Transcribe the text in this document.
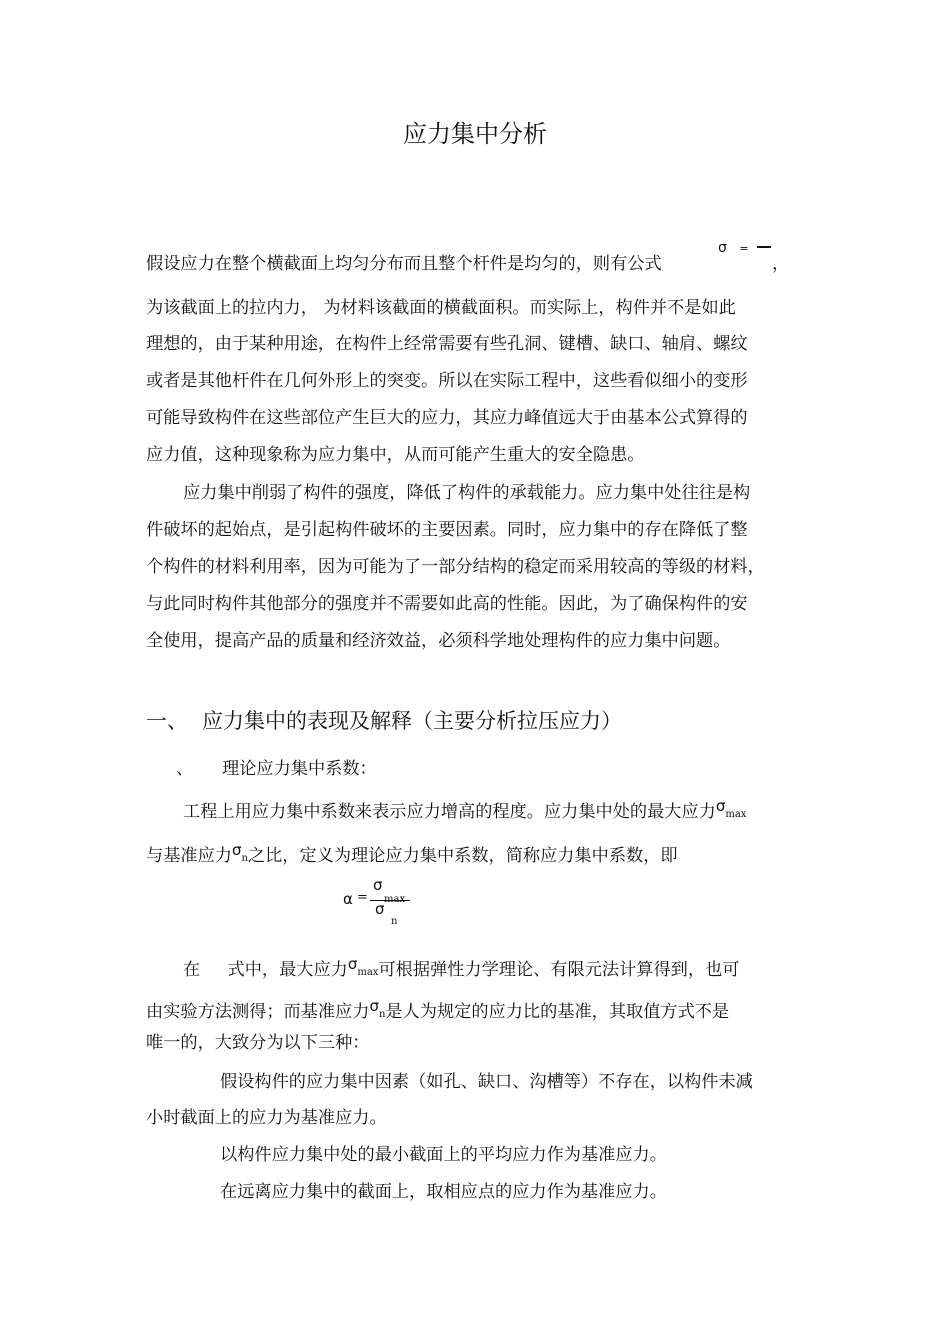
应力集中分析
假设应力在整个横截面上均匀分布而且整个杆件是均匀的，则有公式
σ =
，
为该截面上的拉内力， 为材料该截面的横截面积。而实际上，构件并不是如此
理想的，由于某种用途，在构件上经常需要有些孔洞、键槽、缺口、轴肩、螺纹
或者是其他杆件在几何外形上的突变。所以在实际工程中，这些看似细小的变形
可能导致构件在这些部位产生巨大的应力，其应力峰值远大于由基本公式算得的
应力值，这种现象称为应力集中，从而可能产生重大的安全隐患。
应力集中削弱了构件的强度，降低了构件的承载能力。应力集中处往往是构
件破坏的起始点，是引起构件破坏的主要因素。同时，应力集中的存在降低了整
个构件的材料利用率，因为可能为了一部分结构的稳定而采用较高的等级的材料，
与此同时构件其他部分的强度并不需要如此高的性能。因此，为了确保构件的安
全使用，提高产品的质量和经济效益，必须科学地处理构件的应力集中问题。
一、 应力集中的表现及解释（主要分析拉压应力）
、 理论应力集中系数：
工程上用应力集中系数来表示应力增高的程度。应力集中处的最大应力σmax
与基准应力σn之比，定义为理论应力集中系数，简称应力集中系数，即
α =
σ
max
σ
n
在     式中，最大应力σmax可根据弹性力学理论、有限元法计算得到，也可
由实验方法测得；而基准应力σn是人为规定的应力比的基准，其取值方式不是
唯一的，大致分为以下三种：
假设构件的应力集中因素（如孔、缺口、沟槽等）不存在，以构件未减
小时截面上的应力为基准应力。
以构件应力集中处的最小截面上的平均应力作为基准应力。
在远离应力集中的截面上，取相应点的应力作为基准应力。
